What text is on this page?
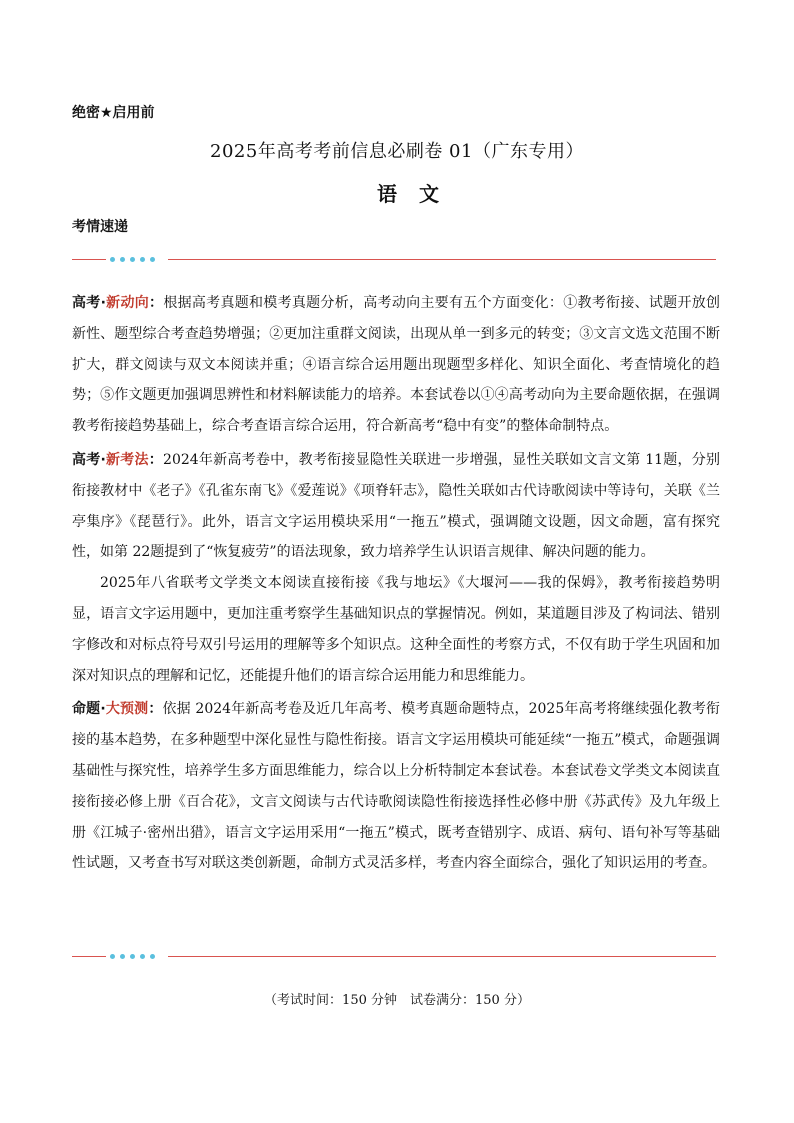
绝密★启用前
2025年高考考前信息必刷卷 01（广东专用）
语文
考情速递

高考·新动向：根据高考真题和模考真题分析，高考动向主要有五个方面变化：①教考衔接、试题开放创新性、题型综合考查趋势增强；②更加注重群文阅读，出现从单一到多元的转变；③文言文选文范围不断扩大，群文阅读与双文本阅读并重；④语言综合运用题出现题型多样化、知识全面化、考查情境化的趋势；⑤作文题更加强调思辨性和材料解读能力的培养。本套试卷以①④高考动向为主要命题依据，在强调教考衔接趋势基础上，综合考查语言综合运用，符合新高考“稳中有变”的整体命制特点。

高考·新考法：2024年新高考卷中，教考衔接显隐性关联进一步增强，显性关联如文言文第 11题，分别衔接教材中《老子》《孔雀东南飞》《爱莲说》《项脊轩志》，隐性关联如古代诗歌阅读中等诗句，关联《兰亭集序》《琵琶行》。此外，语言文字运用模块采用“一拖五”模式，强调随文设题，因文命题，富有探究性，如第 22题提到了“恢复疲劳”的语法现象，致力培养学生认识语言规律、解决问题的能力。

2025年八省联考文学类文本阅读直接衔接《我与地坛》《大堰河——我的保姆》，教考衔接趋势明显，语言文字运用题中，更加注重考察学生基础知识点的掌握情况。例如，某道题目涉及了构词法、错别字修改和对标点符号双引号运用的理解等多个知识点。这种全面性的考察方式，不仅有助于学生巩固和加深对知识点的理解和记忆，还能提升他们的语言综合运用能力和思维能力。

命题·大预测：依据 2024年新高考卷及近几年高考、模考真题命题特点，2025年高考将继续强化教考衔接的基本趋势，在多种题型中深化显性与隐性衔接。语言文字运用模块可能延续“一拖五”模式，命题强调基础性与探究性，培养学生多方面思维能力，综合以上分析特制定本套试卷。本套试卷文学类文本阅读直接衔接必修上册《百合花》，文言文阅读与古代诗歌阅读隐性衔接选择性必修中册《苏武传》及九年级上册《江城子·密州出猎》，语言文字运用采用“一拖五”模式，既考查错别字、成语、病句、语句补写等基础性试题，又考查书写对联这类创新题，命制方式灵活多样，考查内容全面综合，强化了知识运用的考查。

（考试时间：150 分钟　试卷满分：150 分）
